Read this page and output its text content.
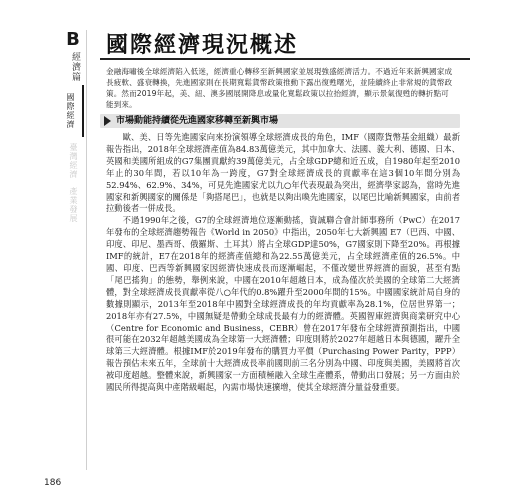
B
經濟篇
國際經濟
臺灣經濟
產業發展
國際經濟現況概述
金融海嘯後全球經濟陷入低迷，經濟重心轉移至新興國家並展現強盛經濟活力。不過近年來新興國家成長疲軟、盛衰轉換，先進國家則在長期寬鬆貨幣政策推動下露出復甦曙光，並陸續終止非常規的貨幣政策。然而2019年起，美、紐、澳多國展開降息或量化寬鬆政策以拉抬經濟，顯示景氣復甦的轉折點可能到來。
市場動能持續從先進國家移轉至新興市場

歐、美、日等先進國家向來扮演領導全球經濟成長的角色，IMF（國際貨幣基金組織）最新報告指出，2018年全球經濟產值為84.83萬億美元，其中加拿大、法國、義大利、德國、日本、英國和美國所組成的G7集團貢獻約39萬億美元，占全球GDP總和近五成，自1980年起至2010年止的30年間，若以10年為一跨度，G7對全球經濟成長的貢獻率在這3個10年間分別為52.94%、62.9%、34%，可見先進國家尤以九○年代表現最為突出，經濟學家認為，當時先進國家和新興國家的關係是「夠搭尾巴」，也就是以夠出喚先進國家，以尾巴比喻新興國家，由前者拉動後者一併成長。

不過1990年之後，G7的全球經濟地位逐漸動搖，資誠聯合會計師事務所（PwC）在2017年發布的全球經濟趨勢報告《World in 2050》中指出，2050年七大新興國 E7（巴西、中國、印度、印尼、墨西哥、俄羅斯、土耳其）將占全球GDP達50%，G7國家則下降至20%。再根據IMF的統計，E7在2018年的經濟產值總和為22.55萬億美元，占全球經濟產值的26.5%。中國、印度、巴西等新興國家因經濟快速成長而逐漸崛起，不僅改變世界經濟的面貌，甚至有點「尾巴搖狗」的態勢，舉例來說，中國在2010年超越日本，成為僅次於美國的全球第二大經濟體，對全球經濟成長貢獻率從八○年代的0.8%躍升至2000年間的15%。中國國家統計局自身的數據則顯示，2013年至2018年中國對全球經濟成長的年均貢獻率為28.1%，位居世界第一；2018年亦有27.5%，中國無疑是帶動全球成長最有力的經濟體。英國智庫經濟與商業研究中心（Centre for Economic and Business，CEBR）曾在2017年發布全球經濟預測指出，中國很可能在2032年超越美國成為全球第一大經濟體；印度則將於2027年超越日本與德國，躍升全球第三大經濟體。根據IMF於2019年發布的購買力平價（Purchasing Power Parity，PPP）報告預估未來五年，全球前十大經濟成長率前國則前三名分別為中國、印度與美國，美國將首次被印度超越。整體來說，新興國家一方面積極融入全球生產體系，帶動出口發展；另一方面由於國民所得提高與中產階級崛起，內需市場快速擴增，使其全球經濟分量益發重要。

186
